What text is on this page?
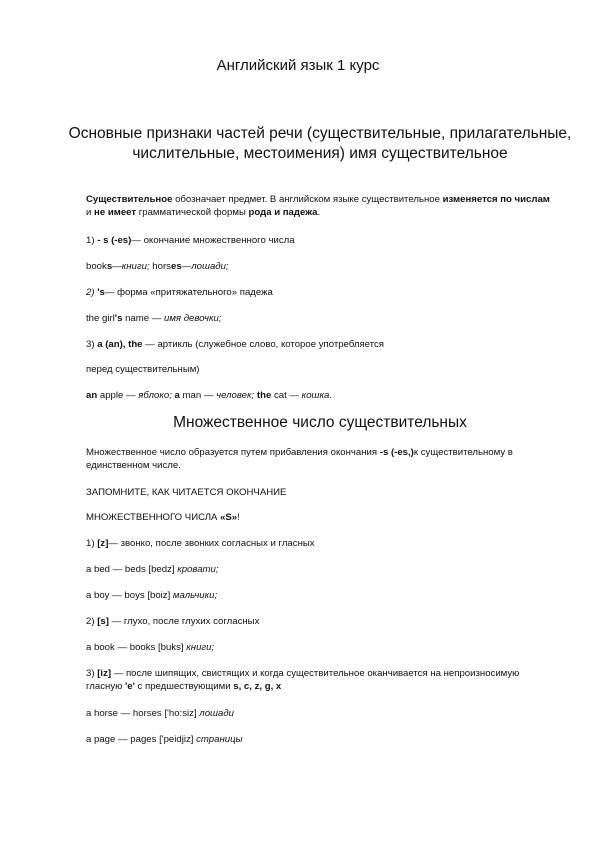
Английский язык 1 курс
Основные признаки частей речи (существительные, прилагательные, числительные, местоимения) имя существительное
Существительное обозначает предмет. В английском языке существительное изменяется по числам и не имеет грамматической формы рода и падежа.
1) - s (-es)— окончание множественного числа
books—книги; horses—лошади;
2) 's— форма «притяжательного» падежа
the girl's name — имя девочки;
3) a (an), the — артикль (служебное слово, которое употребляется
перед существительным)
an apple — яблоко; a man — человек; the cat — кошка.
Множественное число существительных
Множественное число образуется путем прибавления окончания -s (-es,)к существительному в единственном числе.
ЗАПОМНИТЕ, КАК ЧИТАЕТСЯ ОКОНЧАНИЕ
МНОЖЕСТВЕННОГО ЧИСЛА «S»!
1) [z]— звонко, после звонких согласных и гласных
a bed — beds [bedz] кровати;
a boy — boys [boiz] мальчики;
2) [s] — глухо, после глухих согласных
a book — books [buks] книги;
3) [iz] — после шипящих, свистящих и когда существительное оканчивается на непроизносимую гласную 'e' с предшествующими s, c, z, g, x
a horse — horses ['ho:siz] лошади
a page — pages ['peidjiz] страницы
